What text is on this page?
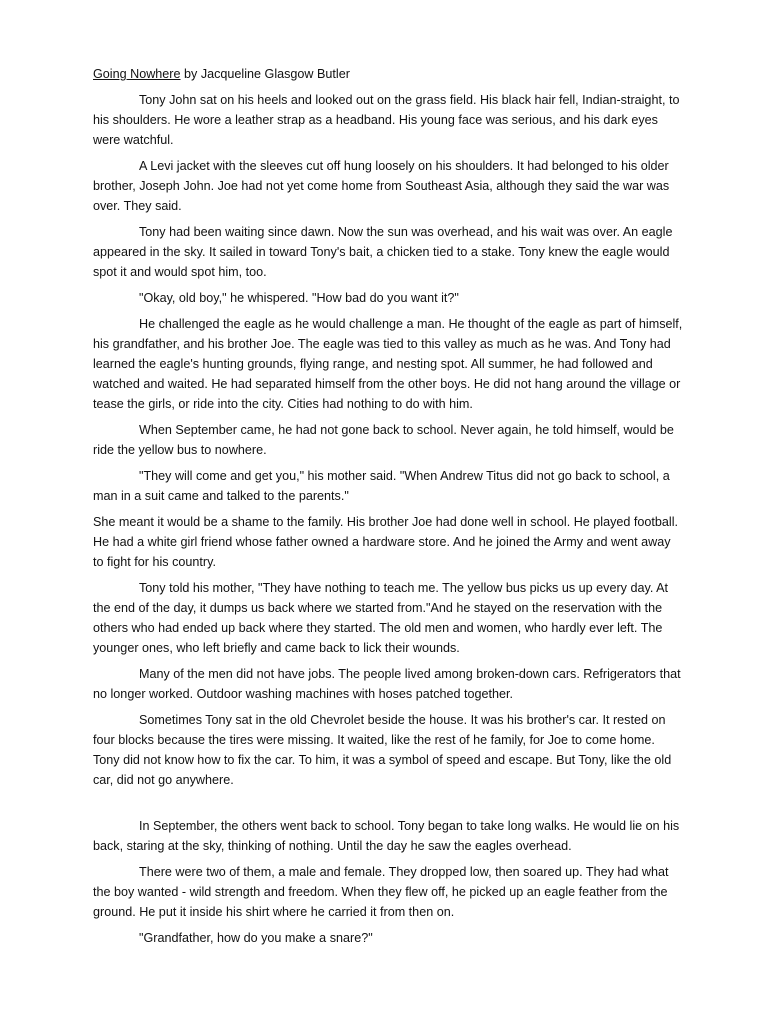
Going Nowhere by Jacqueline Glasgow Butler

Tony John sat on his heels and looked out on the grass field. His black hair fell, Indian-straight, to his shoulders. He wore a leather strap as a headband. His young face was serious, and his dark eyes were watchful.

A Levi jacket with the sleeves cut off hung loosely on his shoulders. It had belonged to his older brother, Joseph John. Joe had not yet come home from Southeast Asia, although they said the war was over. They said.

Tony had been waiting since dawn. Now the sun was overhead, and his wait was over. An eagle appeared in the sky. It sailed in toward Tony's bait, a chicken tied to a stake. Tony knew the eagle would spot it and would spot him, too.

"Okay, old boy," he whispered. "How bad do you want it?"

He challenged the eagle as he would challenge a man. He thought of the eagle as part of himself, his grandfather, and his brother Joe. The eagle was tied to this valley as much as he was. And Tony had learned the eagle's hunting grounds, flying range, and nesting spot. All summer, he had followed and watched and waited. He had separated himself from the other boys. He did not hang around the village or tease the girls, or ride into the city. Cities had nothing to do with him.

When September came, he had not gone back to school. Never again, he told himself, would be ride the yellow bus to nowhere.

"They will come and get you," his mother said. "When Andrew Titus did not go back to school, a man in a suit came and talked to the parents."

She meant it would be a shame to the family. His brother Joe had done well in school. He played football. He had a white girl friend whose father owned a hardware store. And he joined the Army and went away to fight for his country.

Tony told his mother, "They have nothing to teach me. The yellow bus picks us up every day. At the end of the day, it dumps us back where we started from."And he stayed on the reservation with the others who had ended up back where they started. The old men and women, who hardly ever left. The younger ones, who left briefly and came back to lick their wounds.

Many of the men did not have jobs. The people lived among broken-down cars. Refrigerators that no longer worked. Outdoor washing machines with hoses patched together.

Sometimes Tony sat in the old Chevrolet beside the house. It was his brother's car. It rested on four blocks because the tires were missing. It waited, like the rest of he family, for Joe to come home. Tony did not know how to fix the car. To him, it was a symbol of speed and escape. But Tony, like the old car, did not go anywhere.

In September, the others went back to school. Tony began to take long walks. He would lie on his back, staring at the sky, thinking of nothing. Until the day he saw the eagles overhead.

There were two of them, a male and female. They dropped low, then soared up. They had what the boy wanted - wild strength and freedom. When they flew off, he picked up an eagle feather from the ground. He put it inside his shirt where he carried it from then on.

"Grandfather, how do you make a snare?"
